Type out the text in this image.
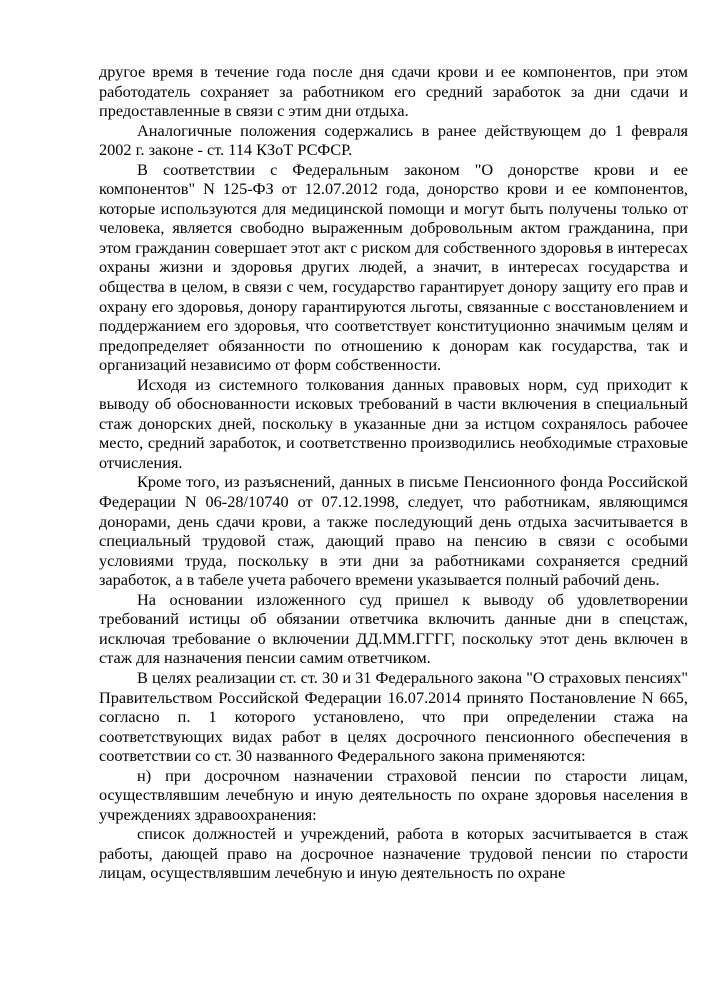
другое время в течение года после дня сдачи крови и ее компонентов, при этом работодатель сохраняет за работником его средний заработок за дни сдачи и предоставленные в связи с этим дни отдыха.

Аналогичные положения содержались в ранее действующем до 1 февраля 2002 г. законе - ст. 114 КЗоТ РСФСР.

В соответствии с Федеральным законом "О донорстве крови и ее компонентов" N 125-ФЗ от 12.07.2012 года, донорство крови и ее компонентов, которые используются для медицинской помощи и могут быть получены только от человека, является свободно выраженным добровольным актом гражданина, при этом гражданин совершает этот акт с риском для собственного здоровья в интересах охраны жизни и здоровья других людей, а значит, в интересах государства и общества в целом, в связи с чем, государство гарантирует донору защиту его прав и охрану его здоровья, донору гарантируются льготы, связанные с восстановлением и поддержанием его здоровья, что соответствует конституционно значимым целям и предопределяет обязанности по отношению к донорам как государства, так и организаций независимо от форм собственности.

Исходя из системного толкования данных правовых норм, суд приходит к выводу об обоснованности исковых требований в части включения в специальный стаж донорских дней, поскольку в указанные дни за истцом сохранялось рабочее место, средний заработок, и соответственно производились необходимые страховые отчисления.

Кроме того, из разъяснений, данных в письме Пенсионного фонда Российской Федерации N 06-28/10740 от 07.12.1998, следует, что работникам, являющимся донорами, день сдачи крови, а также последующий день отдыха засчитывается в специальный трудовой стаж, дающий право на пенсию в связи с особыми условиями труда, поскольку в эти дни за работниками сохраняется средний заработок, а в табеле учета рабочего времени указывается полный рабочий день.

На основании изложенного суд пришел к выводу об удовлетворении требований истицы об обязании ответчика включить данные дни в спецстаж, исключая требование о включении ДД.ММ.ГГГГ, поскольку этот день включен в стаж для назначения пенсии самим ответчиком.

В целях реализации ст. ст. 30 и 31 Федерального закона "О страховых пенсиях" Правительством Российской Федерации 16.07.2014 принято Постановление N 665, согласно п. 1 которого установлено, что при определении стажа на соответствующих видах работ в целях досрочного пенсионного обеспечения в соответствии со ст. 30 названного Федерального закона применяются:

н) при досрочном назначении страховой пенсии по старости лицам, осуществлявшим лечебную и иную деятельность по охране здоровья населения в учреждениях здравоохранения:

список должностей и учреждений, работа в которых засчитывается в стаж работы, дающей право на досрочное назначение трудовой пенсии по старости лицам, осуществлявшим лечебную и иную деятельность по охране
